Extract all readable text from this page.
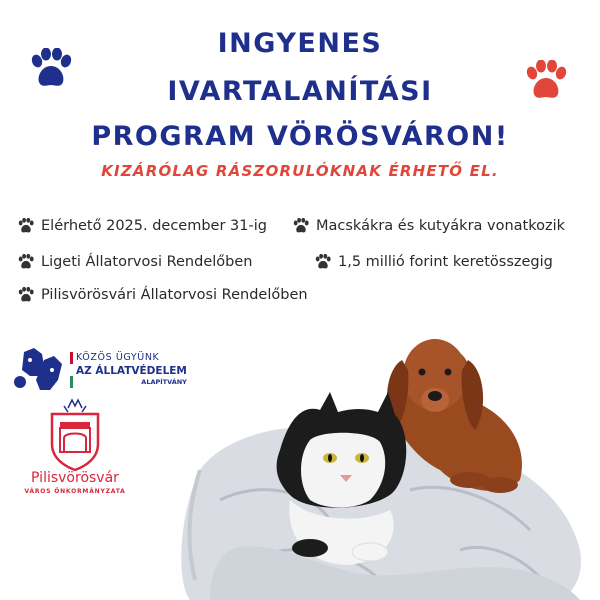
INGYENES
IVARTALANÍTÁSI
PROGRAM VÖRÖSVÁRON!
KIZÁRÓLAG RÁSZORULÓKNAK ÉRHETŐ EL.
Elérhető 2025. december 31-ig	Macskákra és kutyákra vonatkozik
Ligeti Állatorvosi Rendelőben	1,5 millió forint keretösszegig
Pilisvörösvári Állatorvosi Rendelőben
KÖZÖS ÜGYÜNK
AZ ÁLLATVÉDELEM
ALAPÍTVÁNY
Pilisvörösvár
VÁROS ÖNKORMÁNYZATA
